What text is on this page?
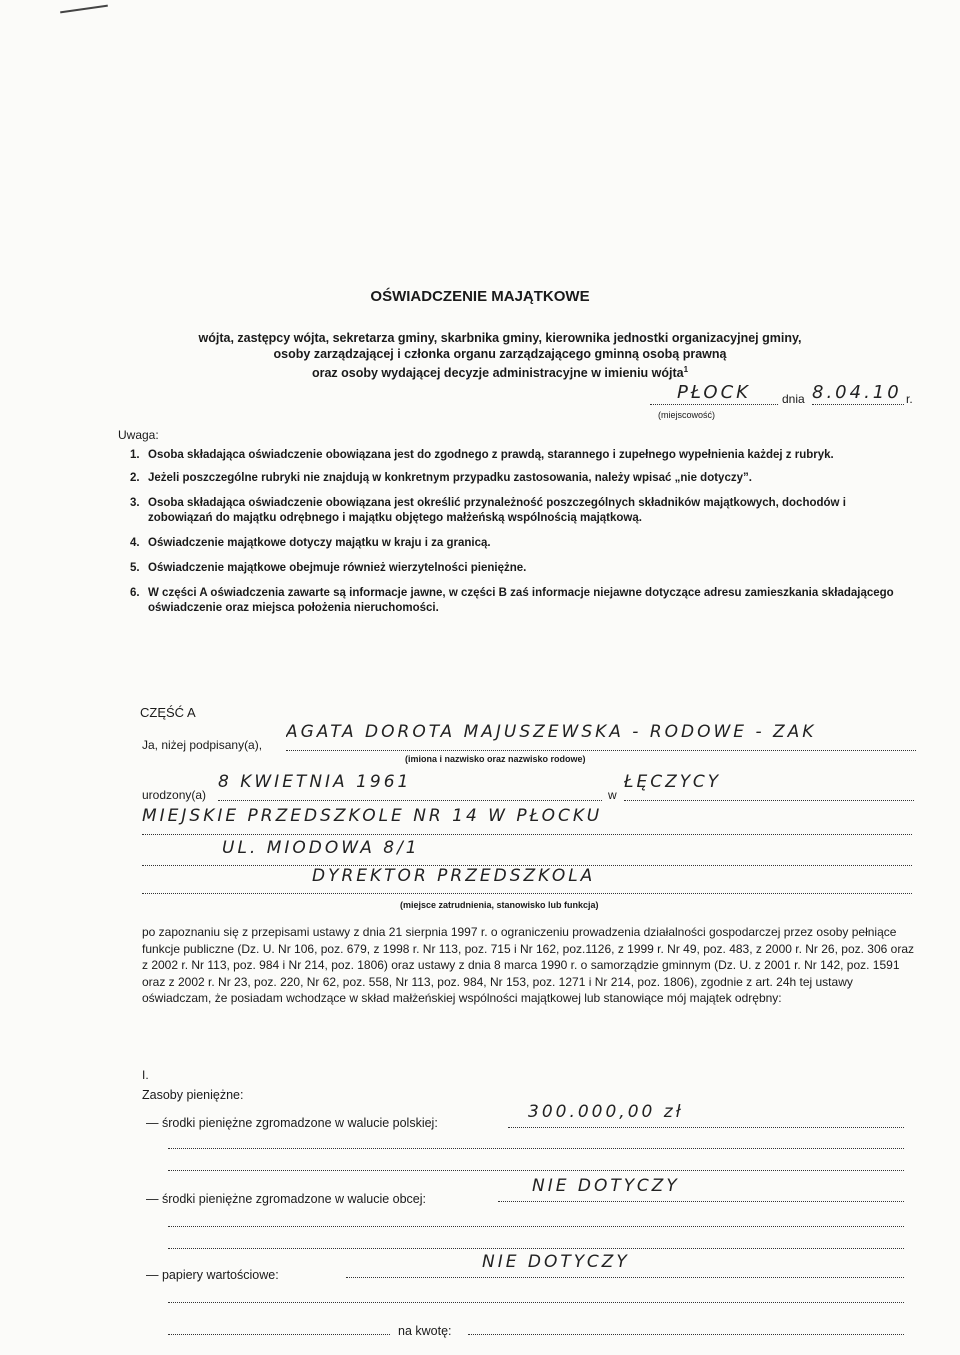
OŚWIADCZENIE MAJĄTKOWE
wójta, zastępcy wójta, sekretarza gminy, skarbnika gminy, kierownika jednostki organizacyjnej gminy,
osoby zarządzającej i członka organu zarządzającego gminną osobą prawną
oraz osoby wydającej decyzje administracyjne w imieniu wójta$^1$
PŁOCK	dnia 8.04.10 r.
(miejscowość)
Uwaga:
1. Osoba składająca oświadczenie obowiązana jest do zgodnego z prawdą, starannego i zupełnego wypełnienia każdej z rubryk.
2. Jeżeli poszczególne rubryki nie znajdują w konkretnym przypadku zastosowania, należy wpisać „nie dotyczy”.
3. Osoba składająca oświadczenie obowiązana jest określić przynależność poszczególnych składników majątkowych, dochodów i zobowiązań do majątku odrębnego i majątku objętego małżeńską wspólnością majątkową.
4. Oświadczenie majątkowe dotyczy majątku w kraju i za granicą.
5. Oświadczenie majątkowe obejmuje również wierzytelności pieniężne.
6. W części A oświadczenia zawarte są informacje jawne, w części B zaś informacje niejawne dotyczące adresu zamieszkania składającego oświadczenie oraz miejsca położenia nieruchomości.
CZĘŚĆ A
Ja, niżej podpisany(a),
AGATA DOROTA MAJUSZEWSKA - RODOWE - ZAK
(imiona i nazwisko oraz nazwisko rodowe)
urodzony(a)
8 KWIETNIA 1961
w
ŁĘCZYCY
MIEJSKIE PRZEDSZKOLE NR 14 W PŁOCKU
UL. MIODOWA 8/1
DYREKTOR PRZEDSZKOLA
(miejsce zatrudnienia, stanowisko lub funkcja)
po zapoznaniu się z przepisami ustawy z dnia 21 sierpnia 1997 r. o ograniczeniu prowadzenia działalności gospodarczej przez osoby pełniące funkcje publiczne (Dz. U. Nr 106, poz. 679, z 1998 r. Nr 113, poz. 715 i Nr 162, poz.1126, z 1999 r. Nr 49, poz. 483, z 2000 r. Nr 26, poz. 306 oraz z 2002 r. Nr 113, poz. 984 i Nr 214, poz. 1806) oraz ustawy z dnia 8 marca 1990 r. o samorządzie gminnym (Dz. U. z 2001 r. Nr 142, poz. 1591 oraz z 2002 r. Nr 23, poz. 220, Nr 62, poz. 558, Nr 113, poz. 984, Nr 153, poz. 1271 i Nr 214, poz. 1806), zgodnie z art. 24h tej ustawy oświadczam, że posiadam wchodzące w skład małżeńskiej wspólności majątkowej lub stanowiące mój majątek odrębny:
I.
Zasoby pieniężne:
— środki pieniężne zgromadzone w walucie polskiej:
300.000,00 zł
— środki pieniężne zgromadzone w walucie obcej:
NIE DOTYCZY
— papiery wartościowe:
NIE DOTYCZY
na kwotę:
